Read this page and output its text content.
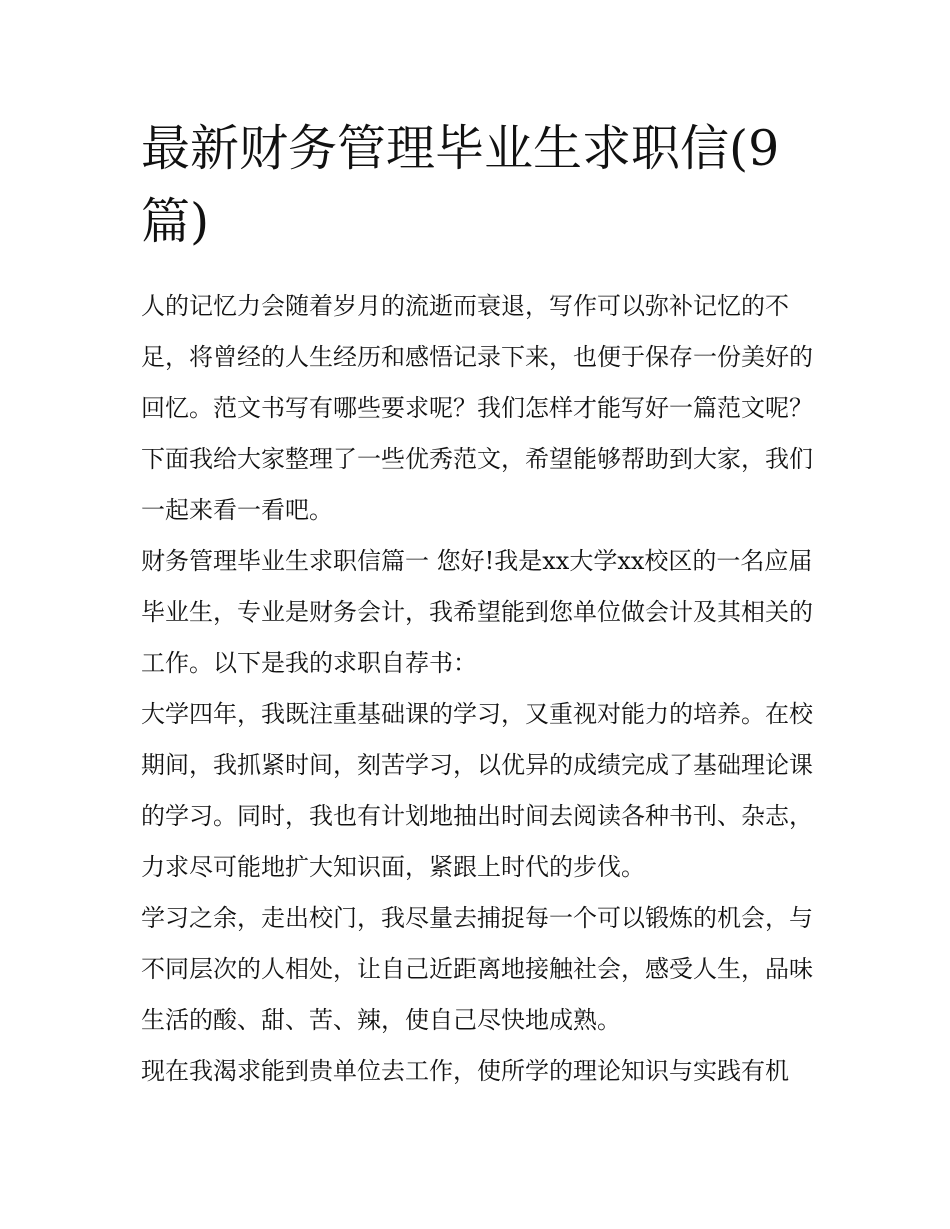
最新财务管理毕业生求职信(9篇)

人的记忆力会随着岁月的流逝而衰退，写作可以弥补记忆的不足，将曾经的人生经历和感悟记录下来，也便于保存一份美好的回忆。范文书写有哪些要求呢？我们怎样才能写好一篇范文呢？下面我给大家整理了一些优秀范文，希望能够帮助到大家，我们一起来看一看吧。

财务管理毕业生求职信篇一 您好!我是xx大学xx校区的一名应届毕业生，专业是财务会计，我希望能到您单位做会计及其相关的工作。以下是我的求职自荐书：

大学四年，我既注重基础课的学习，又重视对能力的培养。在校期间，我抓紧时间，刻苦学习，以优异的成绩完成了基础理论课的学习。同时，我也有计划地抽出时间去阅读各种书刊、杂志，力求尽可能地扩大知识面，紧跟上时代的步伐。

学习之余，走出校门，我尽量去捕捉每一个可以锻炼的机会，与不同层次的人相处，让自己近距离地接触社会，感受人生，品味生活的酸、甜、苦、辣，使自己尽快地成熟。

现在我渴求能到贵单位去工作，使所学的理论知识与实践有机
